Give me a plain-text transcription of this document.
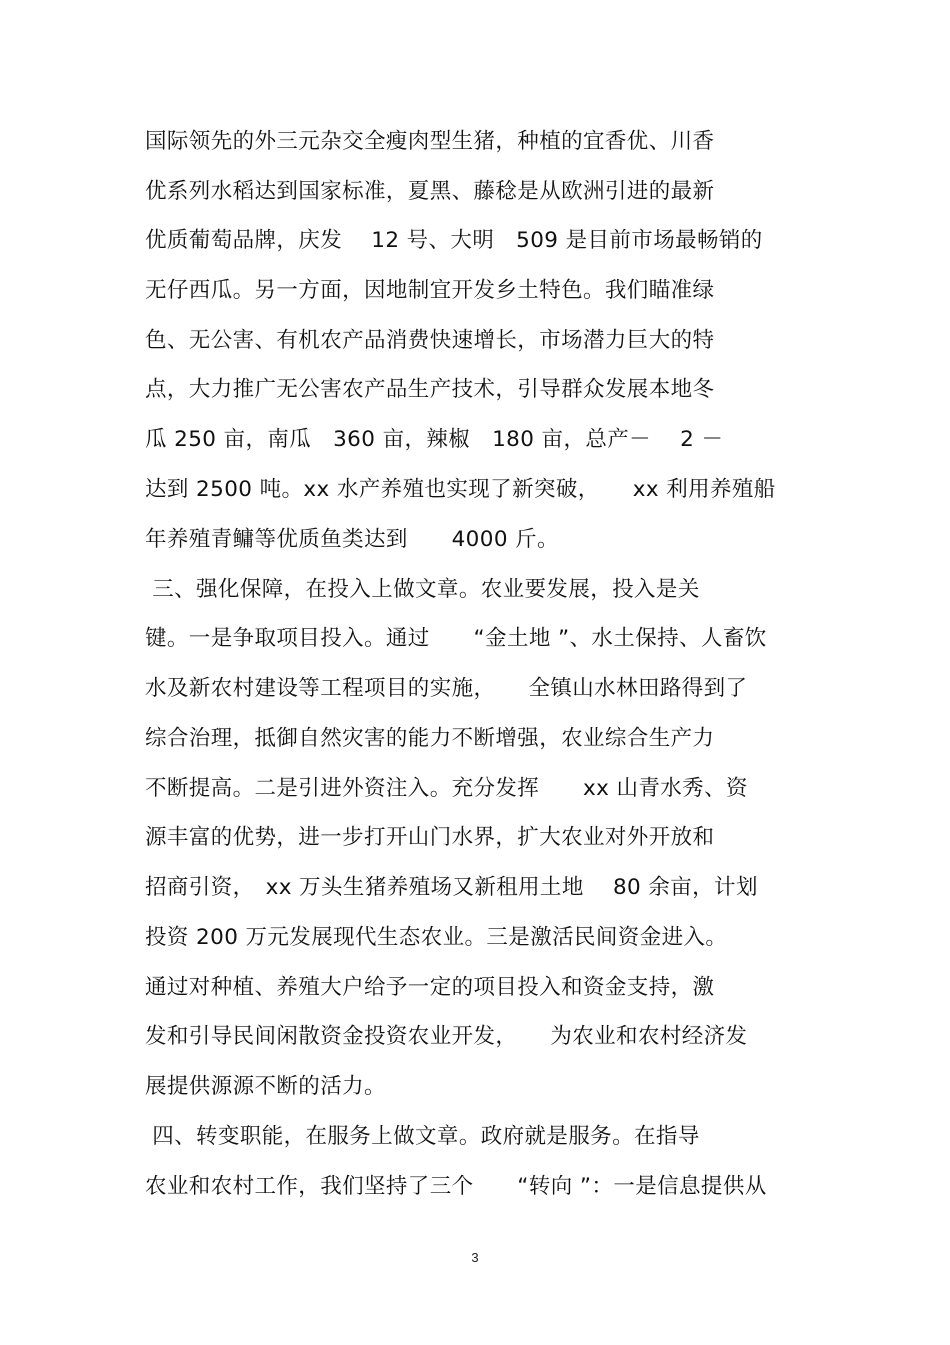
国际领先的外三元杂交全瘦肉型生猪，种植的宜香优、川香
优系列水稻达到国家标准，夏黑、藤稔是从欧洲引进的最新
优质葡萄品牌，庆发　 12 号、大明　509 是目前市场最畅销的
无仔西瓜。另一方面，因地制宜开发乡土特色。我们瞄准绿
色、无公害、有机农产品消费快速增长，市场潜力巨大的特
点，大力推广无公害农产品生产技术，引导群众发展本地冬
瓜 250 亩，南瓜　360 亩，辣椒　180 亩，总产－　 2 －
达到 2500 吨。xx 水产养殖也实现了新突破，　　xx 利用养殖船
年养殖青鳙等优质鱼类达到　　4000 斤。
三、强化保障，在投入上做文章。农业要发展，投入是关
键。一是争取项目投入。通过　　“金土地 ”、水土保持、人畜饮
水及新农村建设等工程项目的实施，　　全镇山水林田路得到了
综合治理，抵御自然灾害的能力不断增强，农业综合生产力
不断提高。二是引进外资注入。充分发挥　　xx 山青水秀、资
源丰富的优势，进一步打开山门水界，扩大农业对外开放和
招商引资，　xx 万头生猪养殖场又新租用土地　 80 余亩，计划
投资 200 万元发展现代生态农业。三是激活民间资金进入。
通过对种植、养殖大户给予一定的项目投入和资金支持，激
发和引导民间闲散资金投资农业开发，　　为农业和农村经济发
展提供源源不断的活力。
四、转变职能，在服务上做文章。政府就是服务。在指导
农业和农村工作，我们坚持了三个　　“转向 ”：一是信息提供从
3
